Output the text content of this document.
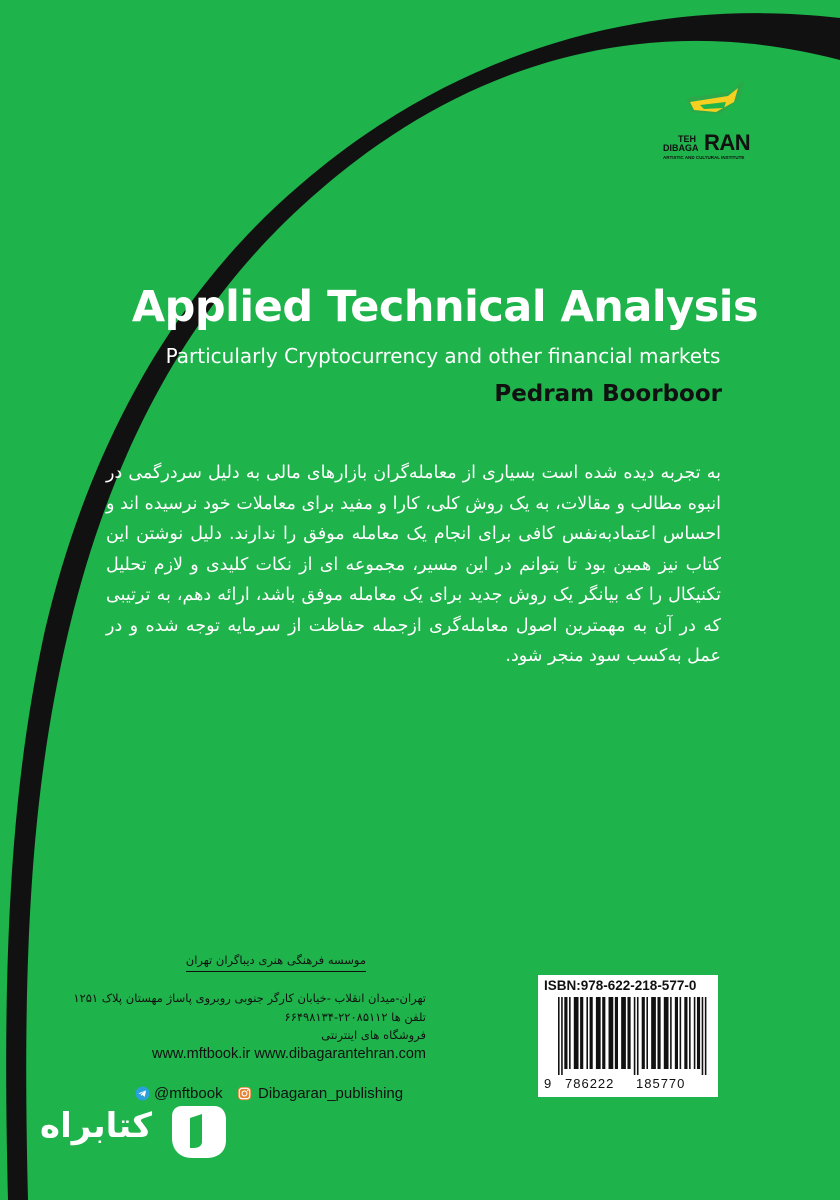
TEH
DIBAGA RAN
ARTISTIC AND CULTURAL INSTITUTE
Applied Technical Analysis
Particularly Cryptocurrency and other financial markets
Pedram Boorboor
به تجربه دیده شده است بسیاری از معامله‌گران بازارهای مالی به دلیل سردرگمی در انبوه مطالب و مقالات، به یک روش کلی، کارا و مفید برای معاملات خود نرسیده اند و احساس اعتماد‌به‌نفس کافی برای انجام یک معامله موفق را ندارند. دلیل نوشتن این کتاب نیز همین بود تا بتوانم در این مسیر، مجموعه ای از نکات کلیدی و لازم تحلیل تکنیکال را که بیانگر یک روش جدید برای یک معامله موفق باشد، ارائه دهم، به ترتیبی که در آن به مهمترین اصول معامله‌گری ازجمله حفاظت از سرمایه توجه شده و در عمل به‌کسب سود منجر شود.
موسسه فرهنگی هنری دیباگران تهران
تهران-میدان انقلاب -خیابان کارگر جنوبی روبروی پاساژ مهستان پلاک ۱۲۵۱
تلفن ها ۲۲۰۸۵۱۱۲-۶۶۴۹۸۱۳۴
فروشگاه های اینترنتی
www.mftbook.ir www.dibagarantehran.com
@mftbook Dibagaran_publishing
ISBN:978-622-218-577-0
9 786222 185770
کتابراه
